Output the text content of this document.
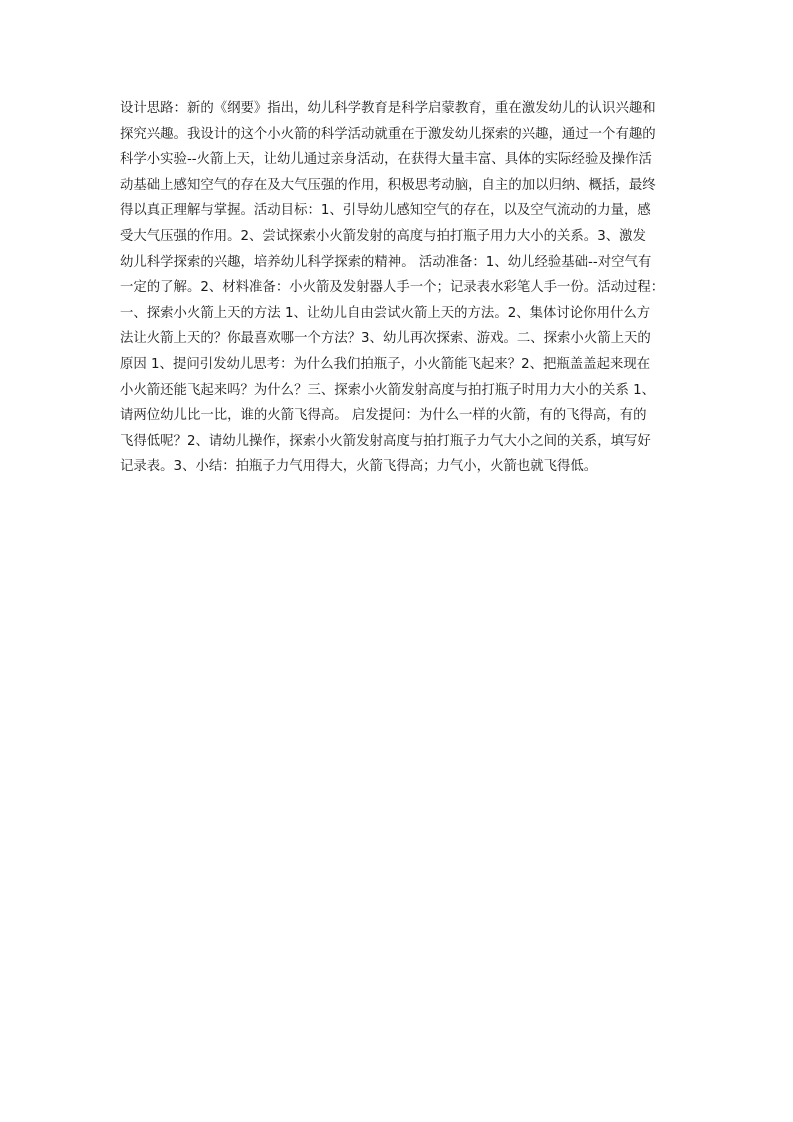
设计思路：新的《纲要》指出，幼儿科学教育是科学启蒙教育，重在激发幼儿的认识兴趣和
探究兴趣。我设计的这个小火箭的科学活动就重在于激发幼儿探索的兴趣，通过一个有趣的
科学小实验--火箭上天，让幼儿通过亲身活动，在获得大量丰富、具体的实际经验及操作活
动基础上感知空气的存在及大气压强的作用，积极思考动脑，自主的加以归纳、概括，最终
得以真正理解与掌握。活动目标：1、引导幼儿感知空气的存在，以及空气流动的力量，感
受大气压强的作用。2、尝试探索小火箭发射的高度与拍打瓶子用力大小的关系。3、激发
幼儿科学探索的兴趣，培养幼儿科学探索的精神。 活动准备：1、幼儿经验基础--对空气有
一定的了解。2、材料准备：小火箭及发射器人手一个；记录表水彩笔人手一份。活动过程：
一、探索小火箭上天的方法 1、让幼儿自由尝试火箭上天的方法。2、集体讨论你用什么方
法让火箭上天的？你最喜欢哪一个方法？3、幼儿再次探索、游戏。二、探索小火箭上天的
原因 1、提问引发幼儿思考：为什么我们拍瓶子，小火箭能飞起来？2、把瓶盖盖起来现在
小火箭还能飞起来吗？为什么？三、探索小火箭发射高度与拍打瓶子时用力大小的关系 1、
请两位幼儿比一比，谁的火箭飞得高。 启发提问：为什么一样的火箭，有的飞得高，有的
飞得低呢？2、请幼儿操作，探索小火箭发射高度与拍打瓶子力气大小之间的关系，填写好
记录表。3、小结：拍瓶子力气用得大，火箭飞得高；力气小，火箭也就飞得低。
